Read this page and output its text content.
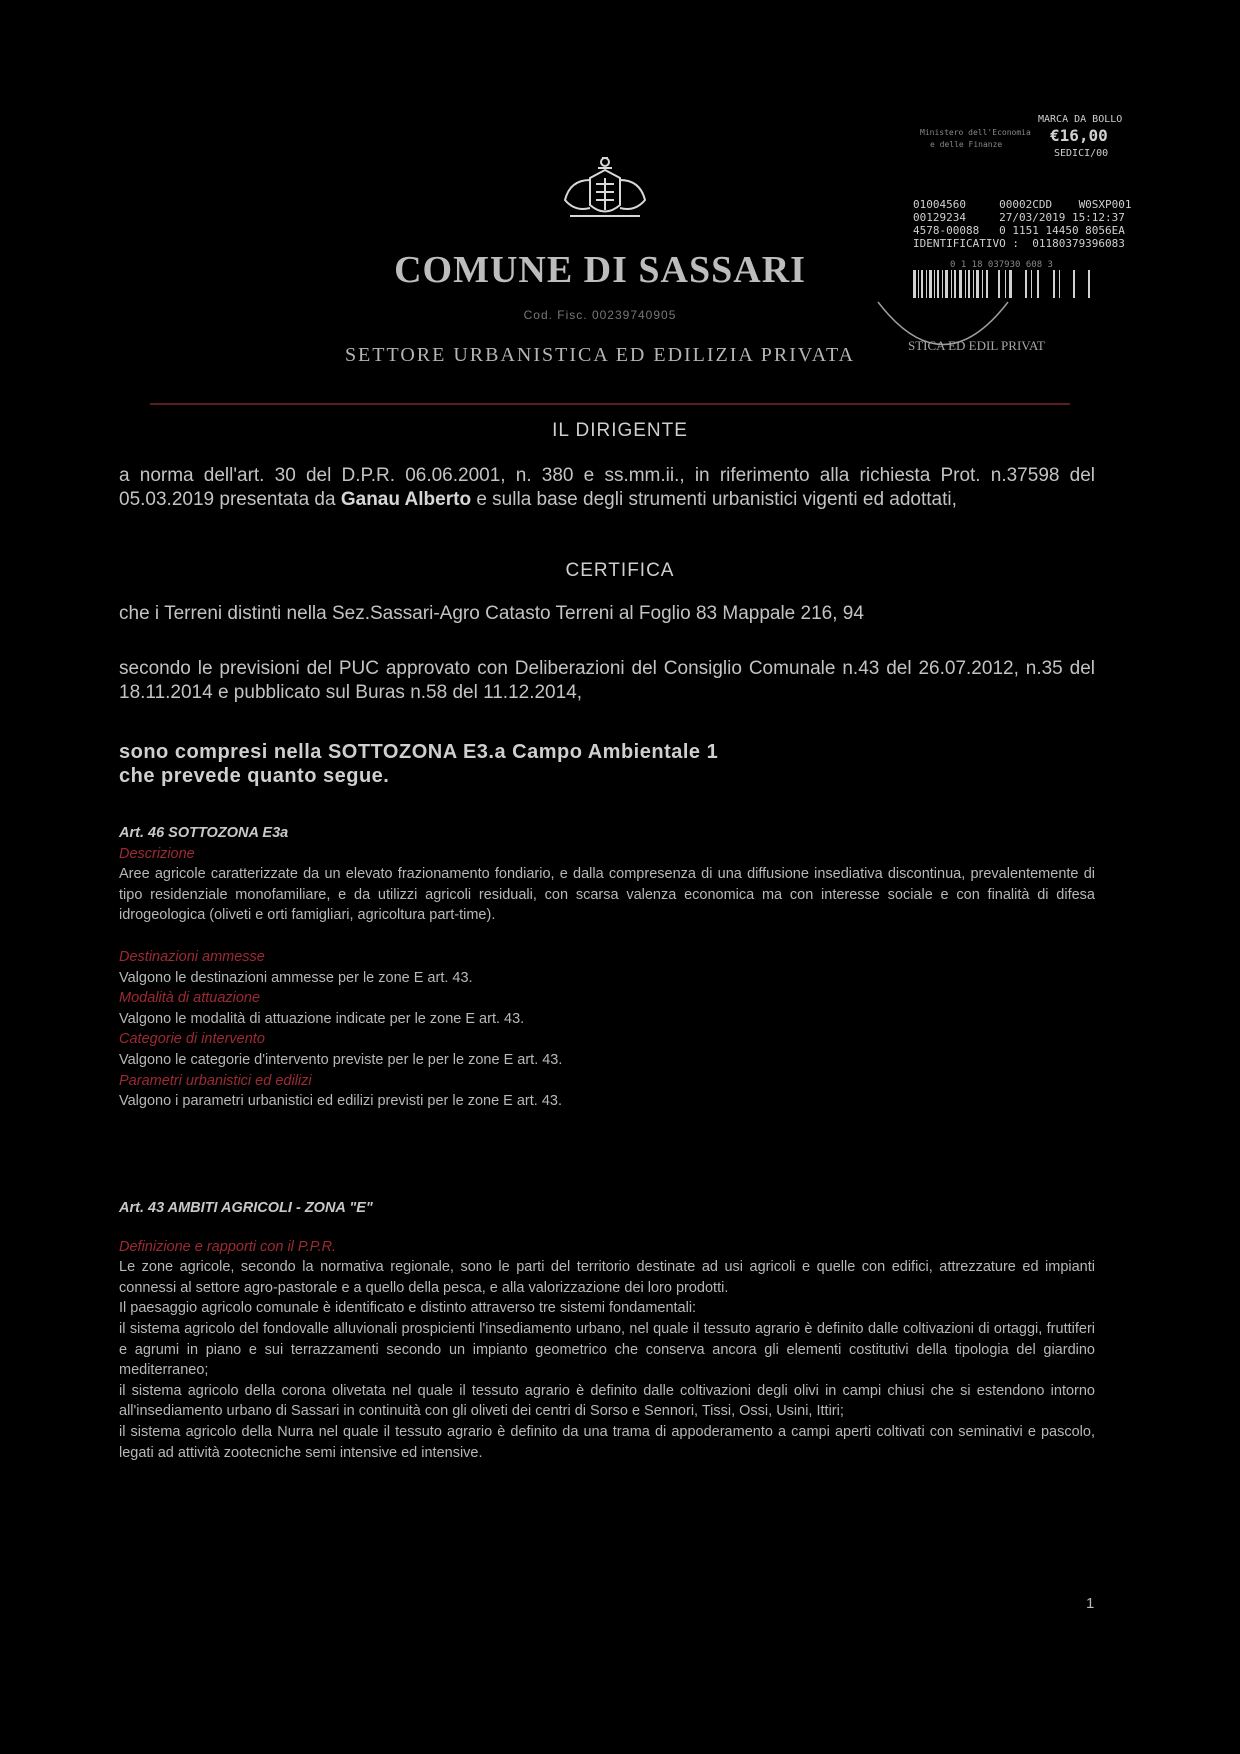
COMUNE DI SASSARI
Cod. Fisc. 00239740905
SETTORE URBANISTICA ED EDILIZIA PRIVATA
MARCA DA BOLLO
Ministero dell'Economia
e delle Finanze	€16,00
SEDICI/00
01004560     00002CDD    W0SXP001
00129234     27/03/2019 15:12:37
4578-00088   0 1151 14450 8056EA
IDENTIFICATIVO :  01180379396083
0 1 18 037930 608 3
STICA ED EDIL PRIVAT
IL DIRIGENTE
a norma dell'art. 30 del D.P.R. 06.06.2001, n. 380 e ss.mm.ii., in riferimento alla richiesta Prot. n.37598 del 05.03.2019 presentata da Ganau Alberto e sulla base degli strumenti urbanistici vigenti ed adottati,
CERTIFICA
che i Terreni distinti nella Sez.Sassari-Agro Catasto Terreni al Foglio 83 Mappale 216, 94
secondo le previsioni del PUC approvato con Deliberazioni del Consiglio Comunale n.43 del 26.07.2012, n.35 del 18.11.2014 e pubblicato sul Buras n.58 del 11.12.2014,
sono compresi nella SOTTOZONA E3.a Campo Ambientale 1
che prevede quanto segue.

Art. 46 SOTTOZONA E3a

Descrizione

Aree agricole caratterizzate da un elevato frazionamento fondiario, e dalla compresenza di una diffusione insediativa discontinua, prevalentemente di tipo residenziale monofamiliare, e da utilizzi agricoli residuali, con scarsa valenza economica ma con interesse sociale e con finalità di difesa idrogeologica (oliveti e orti famigliari, agricoltura part-time).

Destinazioni ammesse

Valgono le destinazioni ammesse per le zone E art. 43.

Modalità di attuazione

Valgono le modalità di attuazione indicate per le zone E art. 43.

Categorie di intervento

Valgono le categorie d'intervento previste per le per le zone E art. 43.

Parametri urbanistici ed edilizi

Valgono i parametri urbanistici ed edilizi previsti per le zone E art. 43.

Art. 43 AMBITI AGRICOLI - ZONA "E"

Definizione e rapporti con il P.P.R.

Le zone agricole, secondo la normativa regionale, sono le parti del territorio destinate ad usi agricoli e quelle con edifici, attrezzature ed impianti connessi al settore agro-pastorale e a quello della pesca, e alla valorizzazione dei loro prodotti.

Il paesaggio agricolo comunale è identificato e distinto attraverso tre sistemi fondamentali:

il sistema agricolo del fondovalle alluvionali prospicienti l'insediamento urbano, nel quale il tessuto agrario è definito dalle coltivazioni di ortaggi, fruttiferi e agrumi in piano e sui terrazzamenti secondo un impianto geometrico che conserva ancora gli elementi costitutivi della tipologia del giardino mediterraneo;

il sistema agricolo della corona olivetata nel quale il tessuto agrario è definito dalle coltivazioni degli olivi in campi chiusi che si estendono intorno all'insediamento urbano di Sassari in continuità con gli oliveti dei centri di Sorso e Sennori, Tissi, Ossi, Usini, Ittiri;

il sistema agricolo della Nurra nel quale il tessuto agrario è definito da una trama di appoderamento a campi aperti coltivati con seminativi e pascolo, legati ad attività zootecniche semi intensive ed intensive.

1
